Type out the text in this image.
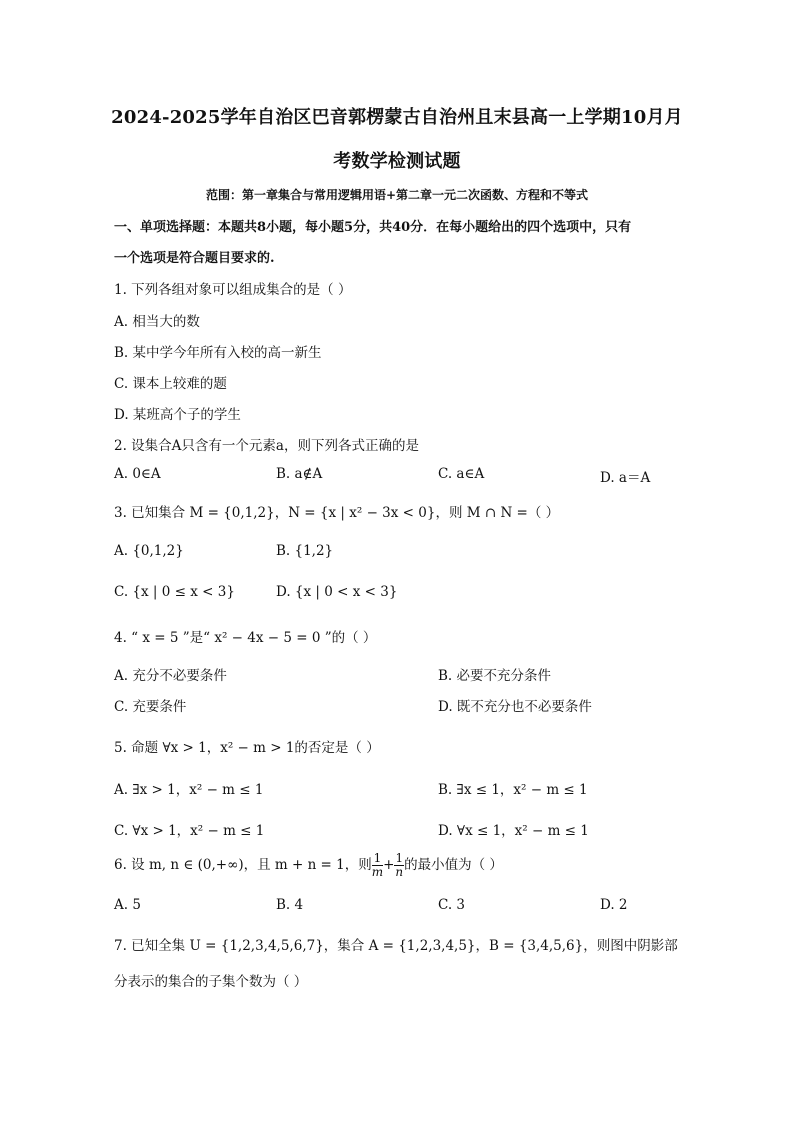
2024-2025学年自治区巴音郭楞蒙古自治州且末县高一上学期10月月
考数学检测试题
范围：第一章集合与常用逻辑用语+第二章一元二次函数、方程和不等式
一、单项选择题：本题共8小题，每小题5分，共40分．在每小题给出的四个选项中，只有
一个选项是符合题目要求的.
1. 下列各组对象可以组成集合的是（ ）
A. 相当大的数
B. 某中学今年所有入校的高一新生
C. 课本上较难的题
D. 某班高个子的学生
2. 设集合A只含有一个元素a，则下列各式正确的是
A. 0∈A	B. a∉A	C. a∈A	D. a＝A
3. 已知集合 M = {0,1,2}，N = {x | x² − 3x < 0}，则 M ∩ N =（ ）
A. {0,1,2}	B. {1,2}
C. {x | 0 ≤ x < 3}	D. {x | 0 < x < 3}
4. “ x = 5 ”是“ x² − 4x − 5 = 0 ”的（ ）
A. 充分不必要条件	B. 必要不充分条件
C. 充要条件	D. 既不充分也不必要条件
5. 命题 ∀x > 1，x² − m > 1的否定是（ ）
A. ∃x > 1，x² − m ≤ 1	B. ∃x ≤ 1，x² − m ≤ 1
C. ∀x > 1，x² − m ≤ 1	D. ∀x ≤ 1，x² − m ≤ 1
6. 设 m, n ∈ (0,+∞)，且 m + n = 1，则 $\frac{1}{m} + \frac{1}{n}$ 的最小值为（ ）
A. 5	B. 4	C. 3	D. 2
7. 已知全集 U = {1,2,3,4,5,6,7}，集合 A = {1,2,3,4,5}，B = {3,4,5,6}，则图中阴影部
分表示的集合的子集个数为（ ）
